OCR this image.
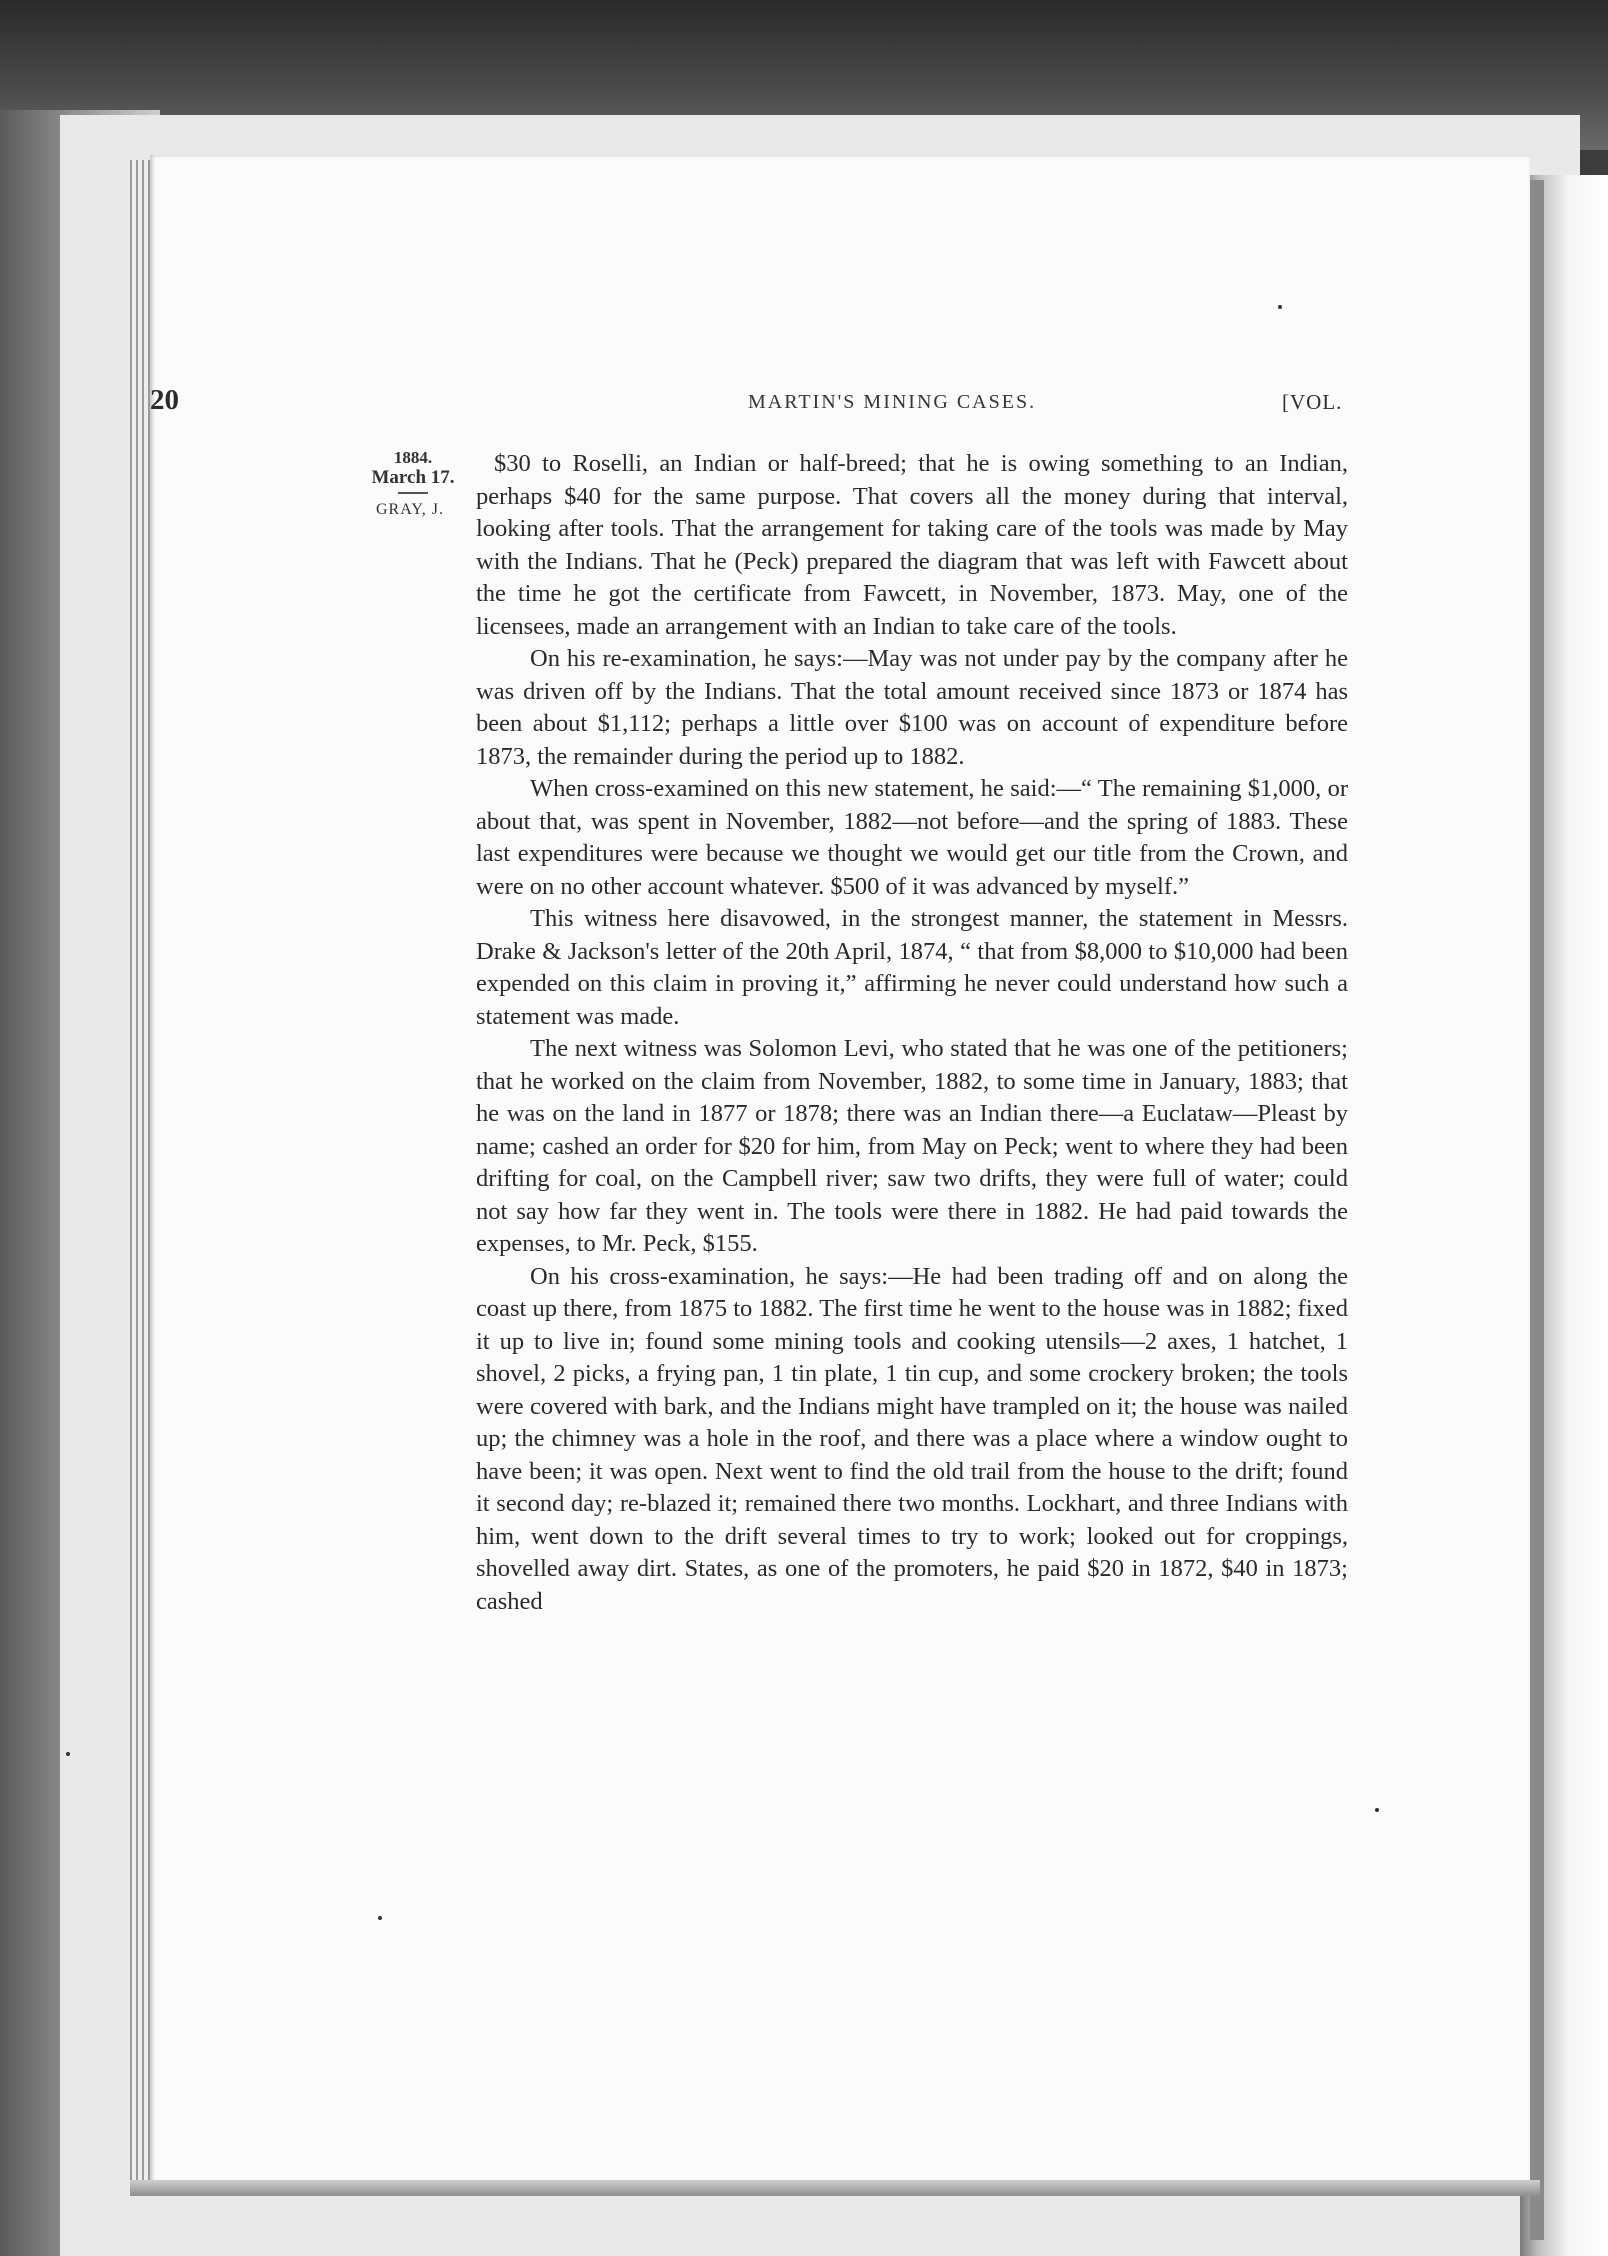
20	MARTIN'S MINING CASES.	[VOL.
1884.
March 17.
GRAY, J.

$30 to Roselli, an Indian or half-breed; that he is owing something to an Indian, perhaps $40 for the same purpose. That covers all the money during that interval, looking after tools. That the arrangement for taking care of the tools was made by May with the Indians. That he (Peck) prepared the diagram that was left with Fawcett about the time he got the certificate from Fawcett, in November, 1873. May, one of the licensees, made an arrangement with an Indian to take care of the tools.

On his re-examination, he says:—May was not under pay by the company after he was driven off by the Indians. That the total amount received since 1873 or 1874 has been about $1,112; perhaps a little over $100 was on account of expenditure before 1873, the remainder during the period up to 1882.

When cross-examined on this new statement, he said:—“ The remaining $1,000, or about that, was spent in November, 1882—not before—and the spring of 1883. These last expenditures were because we thought we would get our title from the Crown, and were on no other account whatever. $500 of it was advanced by myself.”

This witness here disavowed, in the strongest manner, the statement in Messrs. Drake & Jackson's letter of the 20th April, 1874, “ that from $8,000 to $10,000 had been expended on this claim in proving it,” affirming he never could understand how such a statement was made.

The next witness was Solomon Levi, who stated that he was one of the petitioners; that he worked on the claim from November, 1882, to some time in January, 1883; that he was on the land in 1877 or 1878; there was an Indian there—a Euclataw—Pleast by name; cashed an order for $20 for him, from May on Peck; went to where they had been drifting for coal, on the Campbell river; saw two drifts, they were full of water; could not say how far they went in. The tools were there in 1882. He had paid towards the expenses, to Mr. Peck, $155.

On his cross-examination, he says:—He had been trading off and on along the coast up there, from 1875 to 1882. The first time he went to the house was in 1882; fixed it up to live in; found some mining tools and cooking utensils—2 axes, 1 hatchet, 1 shovel, 2 picks, a frying pan, 1 tin plate, 1 tin cup, and some crockery broken; the tools were covered with bark, and the Indians might have trampled on it; the house was nailed up; the chimney was a hole in the roof, and there was a place where a window ought to have been; it was open. Next went to find the old trail from the house to the drift; found it second day; re-blazed it; remained there two months. Lockhart, and three Indians with him, went down to the drift several times to try to work; looked out for croppings, shovelled away dirt. States, as one of the promoters, he paid $20 in 1872, $40 in 1873; cashed
